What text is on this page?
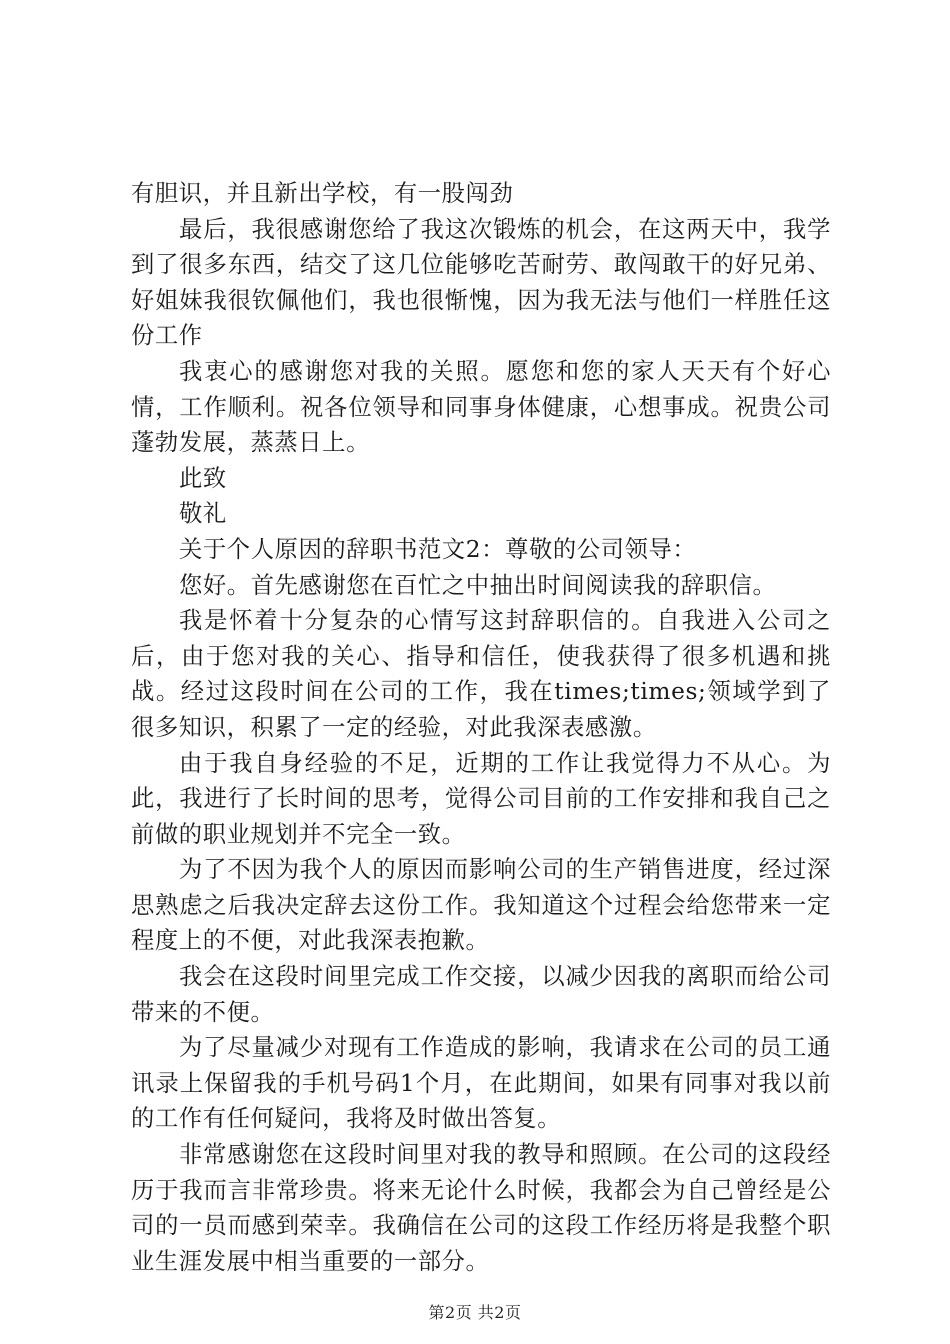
有胆识，并且新出学校，有一股闯劲

最后，我很感谢您给了我这次锻炼的机会，在这两天中，我学到了很多东西，结交了这几位能够吃苦耐劳、敢闯敢干的好兄弟、好姐妹我很钦佩他们，我也很惭愧，因为我无法与他们一样胜任这份工作

我衷心的感谢您对我的关照。愿您和您的家人天天有个好心情，工作顺利。祝各位领导和同事身体健康，心想事成。祝贵公司蓬勃发展，蒸蒸日上。

此致

敬礼

关于个人原因的辞职书范文2：尊敬的公司领导：

您好。首先感谢您在百忙之中抽出时间阅读我的辞职信。

我是怀着十分复杂的心情写这封辞职信的。自我进入公司之后，由于您对我的关心、指导和信任，使我获得了很多机遇和挑战。经过这段时间在公司的工作，我在times;times;领域学到了很多知识，积累了一定的经验，对此我深表感激。

由于我自身经验的不足，近期的工作让我觉得力不从心。为此，我进行了长时间的思考，觉得公司目前的工作安排和我自己之前做的职业规划并不完全一致。

为了不因为我个人的原因而影响公司的生产销售进度，经过深思熟虑之后我决定辞去这份工作。我知道这个过程会给您带来一定程度上的不便，对此我深表抱歉。

我会在这段时间里完成工作交接，以减少因我的离职而给公司带来的不便。

为了尽量减少对现有工作造成的影响，我请求在公司的员工通讯录上保留我的手机号码1个月，在此期间，如果有同事对我以前的工作有任何疑问，我将及时做出答复。

非常感谢您在这段时间里对我的教导和照顾。在公司的这段经历于我而言非常珍贵。将来无论什么时候，我都会为自己曾经是公司的一员而感到荣幸。我确信在公司的这段工作经历将是我整个职业生涯发展中相当重要的一部分。

第2页 共2页
